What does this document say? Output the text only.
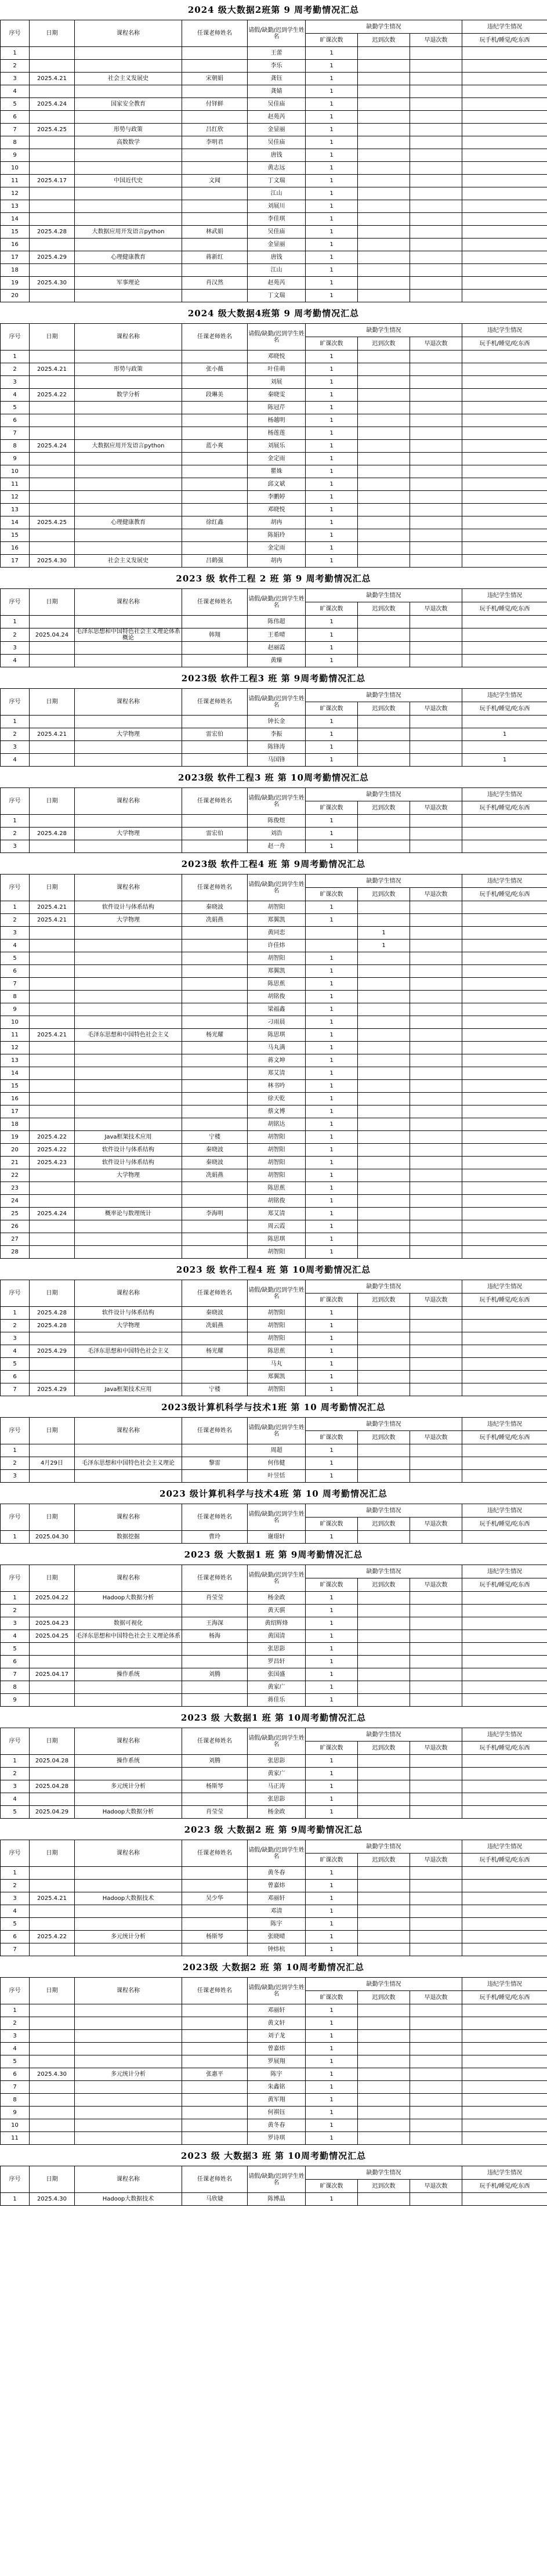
2024 级大数据2班第 9 周考勤情况汇总
序号	日期	课程名称	任课老师姓名	请假/缺勤/迟到学生姓名	缺勤学生情况			违纪学生情况
					旷课次数	迟到次数	早退次数	玩手机/睡觉/吃东西
1				王蕾	1			
2				李乐	1			
3	2025.4.21	社会主义发展史	宋朝娟	龚钰	1			
4				龚婧	1			
5	2025.4.24	国家安全教育	付铎鲜	吴佳庙	1			
6				赵苑芮	1			
7	2025.4.25	形势与政策	吕红欣	金显丽	1			
8		高数数学	李明君	吴佳庙	1			
9				唐钱	1			
10				黄志远	1			
11	2025.4.17	中国近代史	文闻	丁文瑞	1			
12				江山	1			
13				刘展川	1			
14				李佳琪	1			
15	2025.4.28	大数据应用开发语言python	林武娟	吴佳庙	1			
16				金显丽	1			
17	2025.4.29	心理健康教育	蒋新红	唐钱	1			
18				江山	1			
19	2025.4.30	军事理论	肖汉然	赵苑芮	1			
20				丁文瑞	1			
2024 级大数据4班第 9 周考勤情况汇总
序号	日期	课程名称	任课老师姓名	请假/缺勤/迟到学生姓名	缺勤学生情况			违纪学生情况
					旷课次数	迟到次数	早退次数	玩手机/睡觉/吃东西
1				邓晓悦	1			
2	2025.4.21	形势与政策	张小薇	叶佳萌	1			
3				刘展	1			
4	2025.4.22	数学分析	段琳美	秦晓雯	1			
5				陈冠芹	1			
6				杨越明	1			
7				杨莲莲	1			
8	2025.4.24	大数据应用开发语言python	蓝小爽	刘展乐	1			
9				金定雨	1			
10				瞿姝	1			
11				邱文斌	1			
12				李鹏婷	1			
13				邓晓悦	1			
14	2025.4.25	心理健康教育	徐红鑫	胡冉	1			
15				陈娟玲	1			
16				金定雨	1			
17	2025.4.30	社会主义发展史	吕鹤强	胡冉	1			
2023 级 软件工程 2 班 第 9 周考勤情况汇总
序号	日期	课程名称	任课老师姓名	请假/缺勤/迟到学生姓名	缺勤学生情况			违纪学生情况
					旷课次数	迟到次数	早退次数	玩手机/睡觉/吃东西
1				陈伟超	1			
2	2025.04.24	毛泽东思想和中国特色社会主义理论体系概论	韩翔	王希晴	1			
3				赵丽霞	1			
4				黄臻	1			
2023级 软件工程3 班 第 9周考勤情况汇总
序号	日期	课程名称	任课老师姓名	请假/缺勤/迟到学生姓名	缺勤学生情况			违纪学生情况
					旷课次数	迟到次数	早退次数	玩手机/睡觉/吃东西
1				钟长金	1			
2	2025.4.21	大学物理	雷宏伯	李振	1			1
3				陈锋涛	1			
4				马国锋	1			1
2023级 软件工程3 班 第 10周考勤情况汇总
序号	日期	课程名称	任课老师姓名	请假/缺勤/迟到学生姓名	缺勤学生情况			违纪学生情况
					旷课次数	迟到次数	早退次数	玩手机/睡觉/吃东西
1				陈俊煜	1			
2	2025.4.28	大学物理	雷宏伯	刘浩	1			
3				赵一舟	1			
2023级 软件工程4 班 第 9周考勤情况汇总
序号	日期	课程名称	任课老师姓名	请假/缺勤/迟到学生姓名	缺勤学生情况			违纪学生情况
					旷课次数	迟到次数	早退次数	玩手机/睡觉/吃东西
1	2025.4.21	软件设计与体系结构	秦晓波	胡智阳	1			
2	2025.4.21	大学物理	冼娟燕	郑翼凯	1			
3				黄同恋		1		
4				许佳炜		1		
5				胡智阳	1			
6				郑翼凯	1			
7				陈思蕉	1			
8				胡铭俊	1			
9				梁福鑫	1			
10				刁雨晨	1			
11	2025.4.21	毛泽东思想和中国特色社会主义	杨光耀	陈思琪	1			
12				马丸满	1			
13				蒋文坤	1			
14				郑艾清	1			
15				林书吟	1			
16				徐天乾	1			
17				蔡文博	1			
18				胡铭达	1			
19	2025.4.22	Java框架技术应用	宁楼	胡智阳	1			
20	2025.4.22	软件设计与体系结构	秦晓波	胡智阳	1			
21	2025.4.23	软件设计与体系结构	秦晓波	胡智阳	1			
22		大学物理	冼娟燕	胡智阳	1			
23				陈思蕉	1			
24				胡铭俊	1			
25	2025.4.24	概率论与数理统计	李海明	郑艾清	1			
26				周云霞	1			
27				陈思琪	1			
28				胡智阳	1			
2023 级 软件工程4 班 第 10周考勤情况汇总
序号	日期	课程名称	任课老师姓名	请假/缺勤/迟到学生姓名	缺勤学生情况			违纪学生情况
					旷课次数	迟到次数	早退次数	玩手机/睡觉/吃东西
1	2025.4.28	软件设计与体系结构	秦晓波	胡智阳	1			
2	2025.4.28	大学物理	冼娟燕	胡智阳	1			
3				胡智阳	1			
4	2025.4.29	毛泽东思想和中国特色社会主义	杨光耀	陈思蕉	1			
5				马丸	1			
6				郑翼凯	1			
7	2025.4.29	Java框架技术应用	宁楼	胡智阳	1			
2023级计算机科学与技术1班 第 10 周考勤情况汇总
序号	日期	课程名称	任课老师姓名	请假/缺勤/迟到学生姓名	缺勤学生情况			违纪学生情况
					旷课次数	迟到次数	早退次数	玩手机/睡觉/吃东西
1				周超	1			
2	4月29日	毛泽东思想和中国特色社会主义理论	黎雷	何伟健	1			
3				叶昱恬	1			
2023 级计算机科学与技术4班 第 10 周考勤情况汇总
序号	日期	课程名称	任课老师姓名	请假/缺勤/迟到学生姓名	缺勤学生情况			违纪学生情况
					旷课次数	迟到次数	早退次数	玩手机/睡觉/吃东西
1	2025.04.30	数据挖掘	曹玲	谢璟轩	1			
2023 级 大数据1 班 第 9周考勤情况汇总
序号	日期	课程名称	任课老师姓名	请假/缺勤/迟到学生姓名	缺勤学生情况			违纪学生情况
					旷课次数	迟到次数	早退次数	玩手机/睡觉/吃东西
1	2025.04.22	Hadoop大数据分析	肖莹莹	杨金政	1			
2				黄天骐	1			
3	2025.04.23	数据可视化	王海深	黄绍辉烽	1			
4	2025.04.25	毛泽东思想和中国特色社会主义理论体系	杨海	黄国清	1			
5				张思影	1			
6				罗昌轩	1			
7	2025.04.17	操作系统	刘腾	张国盛	1			
8				黄家广	1			
9				蒋佳乐	1			
2023 级 大数据1 班 第 10周考勤情况汇总
序号	日期	课程名称	任课老师姓名	请假/缺勤/迟到学生姓名	缺勤学生情况			违纪学生情况
					旷课次数	迟到次数	早退次数	玩手机/睡觉/吃东西
1	2025.04.28	操作系统	刘腾	张思影	1			
2				黄家广	1			
3	2025.04.28	多元统计分析	杨斯琴	马正涛	1			
4				张思影	1			
5	2025.04.29	Hadoop大数据分析	肖莹莹	杨金政	1			
2023 级 大数据2 班 第 9周考勤情况汇总
序号	日期	课程名称	任课老师姓名	请假/缺勤/迟到学生姓名	缺勤学生情况			违纪学生情况
					旷课次数	迟到次数	早退次数	玩手机/睡觉/吃东西
1				黄冬春	1			
2				曾嘉炜	1			
3	2025.4.21	Hadoop大数据技术	吴少华	邓丽轩	1			
4				邓清	1			
5				陈宇	1			
6	2025.4.22	多元统计分析	杨斯琴	张晓晴	1			
7				钟炜杭	1			
2023级 大数据2 班 第 10周考勤情况汇总
序号	日期	课程名称	任课老师姓名	请假/缺勤/迟到学生姓名	缺勤学生情况			违纪学生情况
					旷课次数	迟到次数	早退次数	玩手机/睡觉/吃东西
1				邓丽轩	1			
2				黄文轩	1			
3				刘子龙	1			
4				曾嘉炜	1			
5				罗展翔	1			
6	2025.4.30	多元统计分析	张惠平	陈宇	1			
7				朱鑫铭	1			
8				黄军翔	1			
9				何祺钰	1			
10				黄冬春	1			
11				罗诗琪	1			
2023 级 大数据3 班 第 10周考勤情况汇总
序号	日期	课程名称	任课老师姓名	请假/缺勤/迟到学生姓名	缺勤学生情况			违纪学生情况
					旷课次数	迟到次数	早退次数	玩手机/睡觉/吃东西
1	2025.4.30	Hadoop大数据技术	马欣婕	陈博晶	1			
